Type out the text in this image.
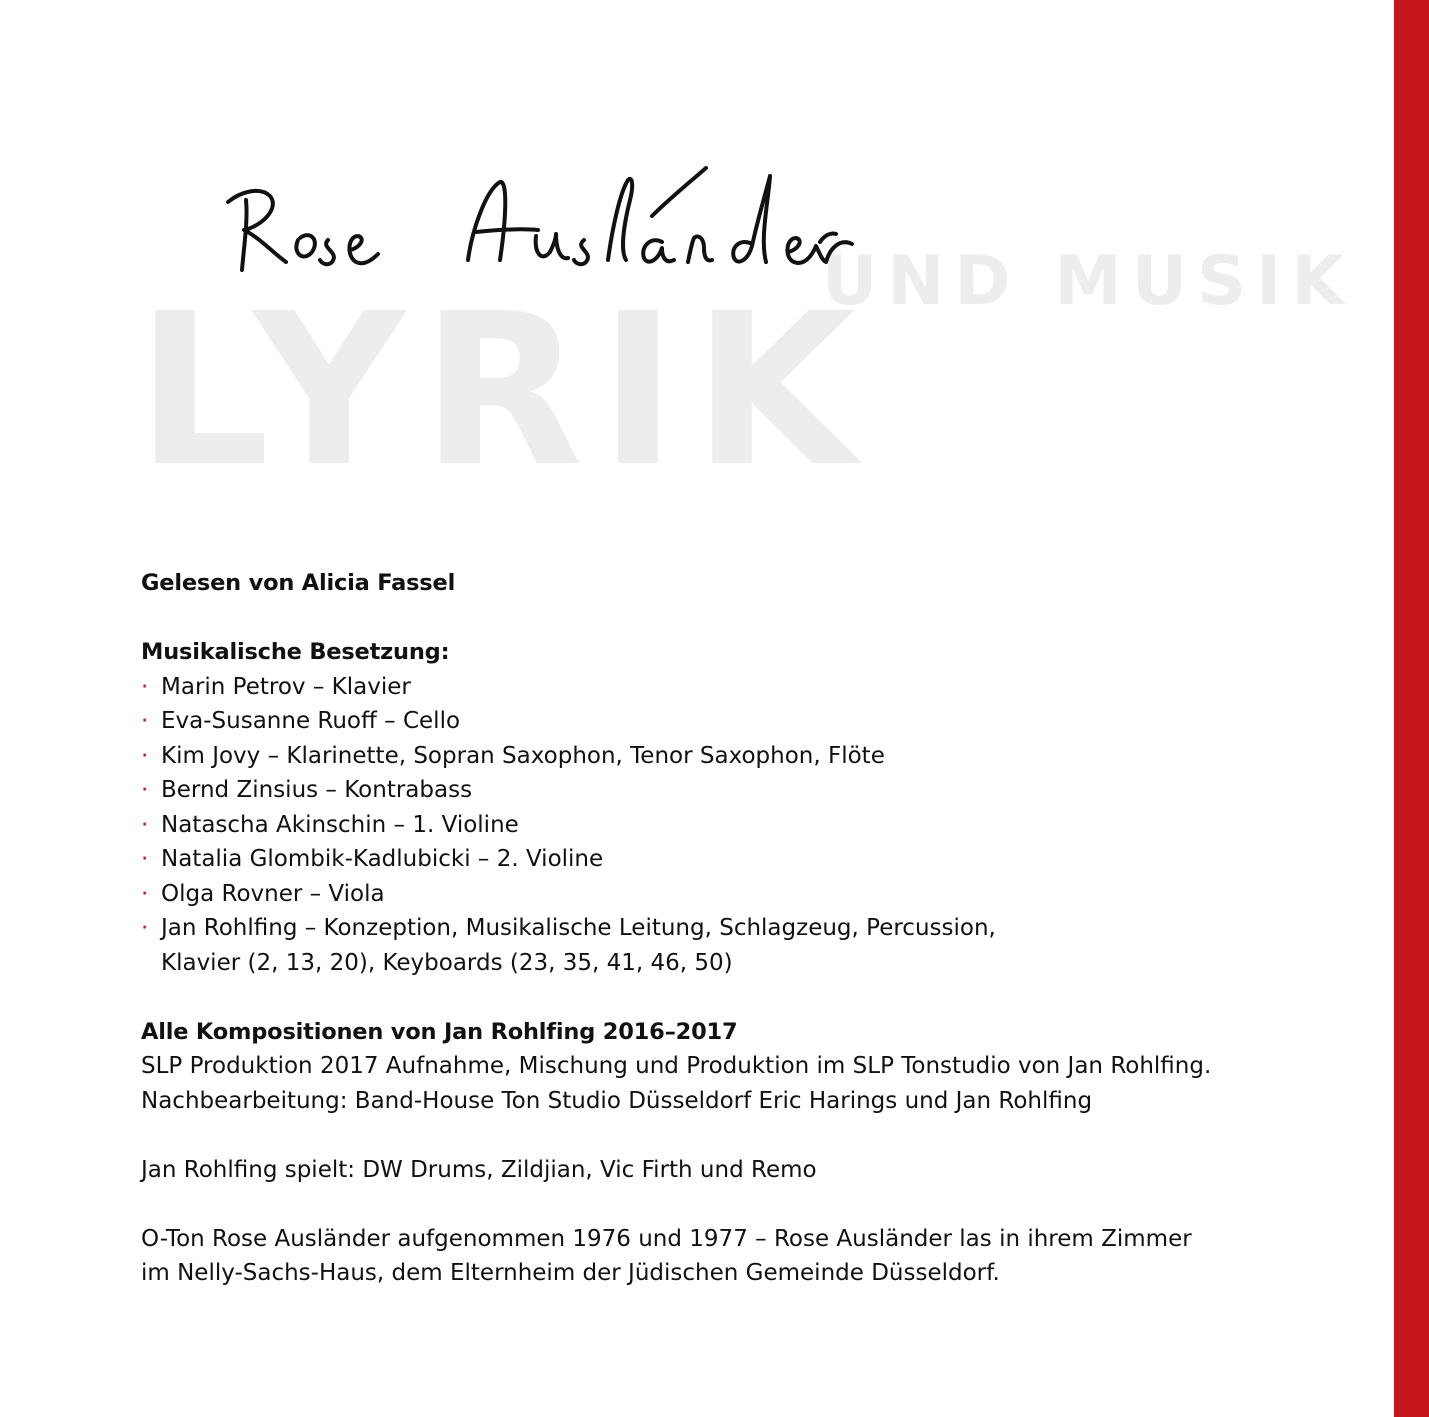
UND MUSIK
LYRIK
Gelesen von Alicia Fassel
Musikalische Besetzung:
· Marin Petrov – Klavier
· Eva-Susanne Ruoff – Cello
· Kim Jovy – Klarinette, Sopran Saxophon, Tenor Saxophon, Flöte
· Bernd Zinsius – Kontrabass
· Natascha Akinschin – 1. Violine
· Natalia Glombik-Kadlubicki – 2. Violine
· Olga Rovner – Viola
· Jan Rohlfing – Konzeption, Musikalische Leitung, Schlagzeug, Percussion,
Klavier (2, 13, 20), Keyboards (23, 35, 41, 46, 50)
Alle Kompositionen von Jan Rohlfing 2016–2017
SLP Produktion 2017 Aufnahme, Mischung und Produktion im SLP Tonstudio von Jan Rohlfing.
Nachbearbeitung: Band-House Ton Studio Düsseldorf Eric Harings und Jan Rohlfing
Jan Rohlfing spielt: DW Drums, Zildjian, Vic Firth und Remo
O-Ton Rose Ausländer aufgenommen 1976 und 1977 – Rose Ausländer las in ihrem Zimmer
im Nelly-Sachs-Haus, dem Elternheim der Jüdischen Gemeinde Düsseldorf.
